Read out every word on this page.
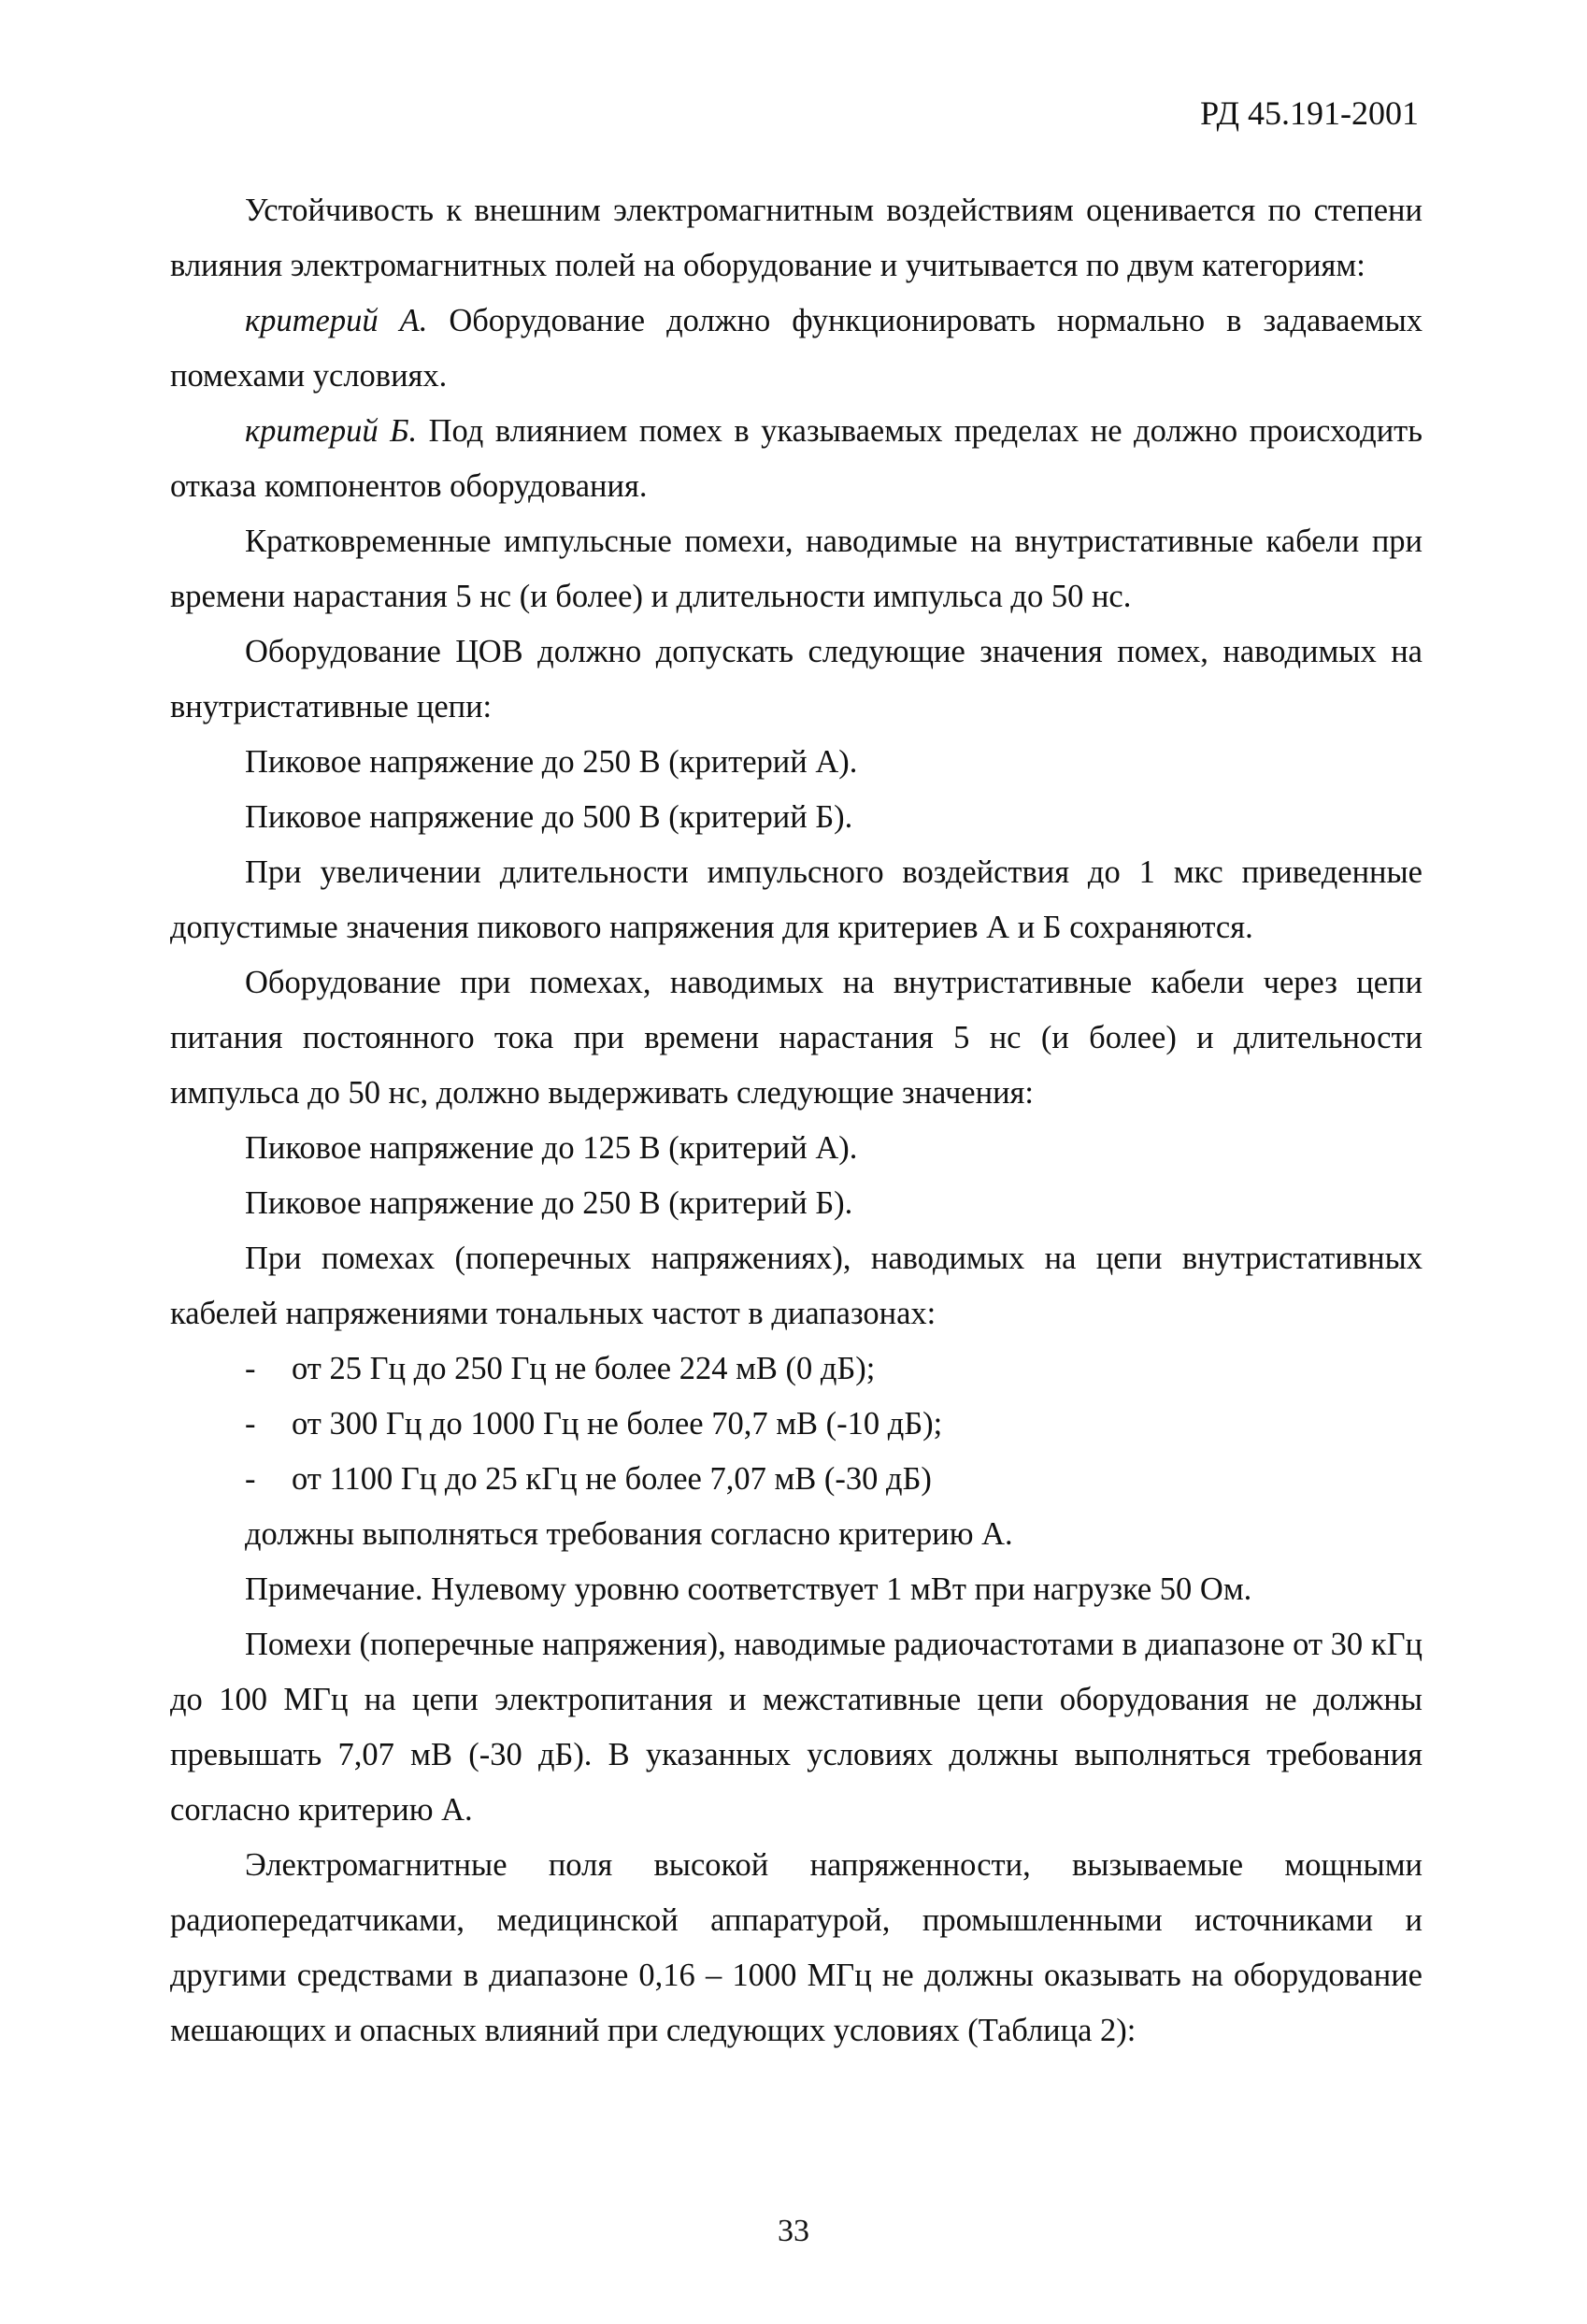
РД 45.191-2001

Устойчивость к внешним электромагнитным воздействиям оценивается по степени влияния электромагнитных полей на оборудование и учитывается по двум категориям:

критерий А. Оборудование должно функционировать нормально в задаваемых помехами условиях.

критерий Б. Под влиянием помех в указываемых пределах не должно происходить отказа компонентов оборудования.

Кратковременные импульсные помехи, наводимые на внутристативные кабели при времени нарастания 5 нс (и более) и длительности импульса до 50 нс.

Оборудование ЦОВ должно допускать следующие значения помех, наводимых на внутристативные цепи:

Пиковое напряжение до 250 В (критерий А).

Пиковое напряжение до 500 В (критерий Б).

При увеличении длительности импульсного воздействия до 1 мкс приведенные допустимые значения пикового напряжения для критериев А и Б сохраняются.

Оборудование при помехах, наводимых на внутристативные кабели через цепи питания постоянного тока при времени нарастания 5 нс (и более) и длительности импульса до 50 нс, должно выдерживать следующие значения:

Пиковое напряжение до 125 В (критерий А).

Пиковое напряжение до 250 В (критерий Б).

При помехах (поперечных напряжениях), наводимых на цепи внутристативных кабелей напряжениями тональных частот в диапазонах:

- от 25 Гц до 250 Гц не более 224 мВ (0 дБ);

- от 300 Гц до 1000 Гц не более 70,7 мВ (-10 дБ);

- от 1100 Гц до 25 кГц не более 7,07 мВ (-30 дБ)

должны выполняться требования согласно критерию А.

Примечание. Нулевому уровню соответствует 1 мВт при нагрузке 50 Ом.

Помехи (поперечные напряжения), наводимые радиочастотами в диапазоне от 30 кГц до 100 МГц на цепи электропитания и межстативные цепи оборудования не должны превышать 7,07 мВ (-30 дБ). В указанных условиях должны выполняться требования согласно критерию А.

Электромагнитные поля высокой напряженности, вызываемые мощными радиопередатчиками, медицинской аппаратурой, промышленными источниками и другими средствами в диапазоне 0,16 – 1000 МГц не должны оказывать на оборудование мешающих и опасных влияний при следующих условиях (Таблица 2):

33
